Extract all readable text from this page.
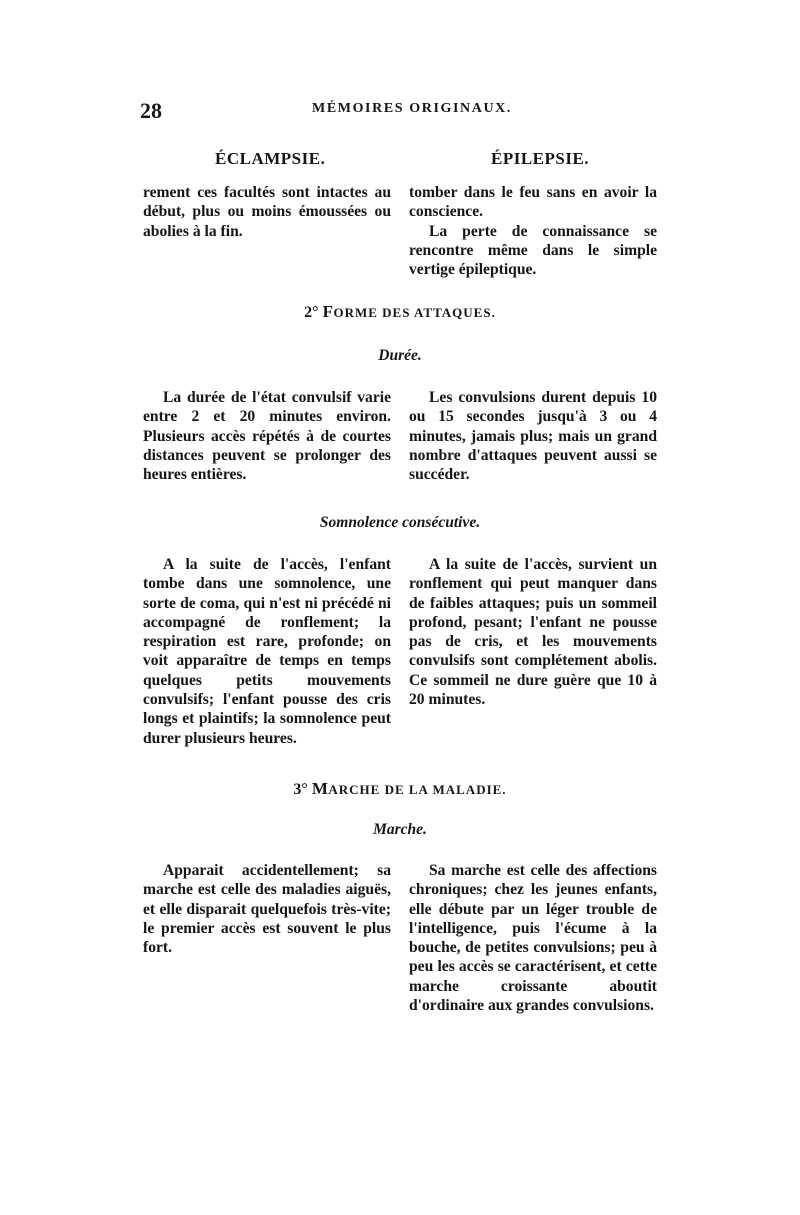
28	MÉMOIRES ORIGINAUX.
ÉCLAMPSIE.	ÉPILEPSIE.

rement ces facultés sont intactes au début, plus ou moins émoussées ou abolies à la fin.

tomber dans le feu sans en avoir la conscience.

La perte de connaissance se rencontre même dans le simple vertige épileptique.

2° FORME DES ATTAQUES.
Durée.

La durée de l'état convulsif varie entre 2 et 20 minutes environ. Plusieurs accès répétés à de courtes distances peuvent se prolonger des heures entières.

Les convulsions durent depuis 10 ou 15 secondes jusqu'à 3 ou 4 minutes, jamais plus; mais un grand nombre d'attaques peuvent aussi se succéder.

Somnolence consécutive.

A la suite de l'accès, l'enfant tombe dans une somnolence, une sorte de coma, qui n'est ni précédé ni accompagné de ronflement; la respiration est rare, profonde; on voit apparaître de temps en temps quelques petits mouvements convulsifs; l'enfant pousse des cris longs et plaintifs; la somnolence peut durer plusieurs heures.

A la suite de l'accès, survient un ronflement qui peut manquer dans de faibles attaques; puis un sommeil profond, pesant; l'enfant ne pousse pas de cris, et les mouvements convulsifs sont complétement abolis. Ce sommeil ne dure guère que 10 à 20 minutes.

3° MARCHE DE LA MALADIE.
Marche.

Apparait accidentellement; sa marche est celle des maladies aiguës, et elle disparait quelquefois très-vite; le premier accès est souvent le plus fort.

Sa marche est celle des affections chroniques; chez les jeunes enfants, elle débute par un léger trouble de l'intelligence, puis l'écume à la bouche, de petites convulsions; peu à peu les accès se caractérisent, et cette marche croissante aboutit d'ordinaire aux grandes convulsions.
